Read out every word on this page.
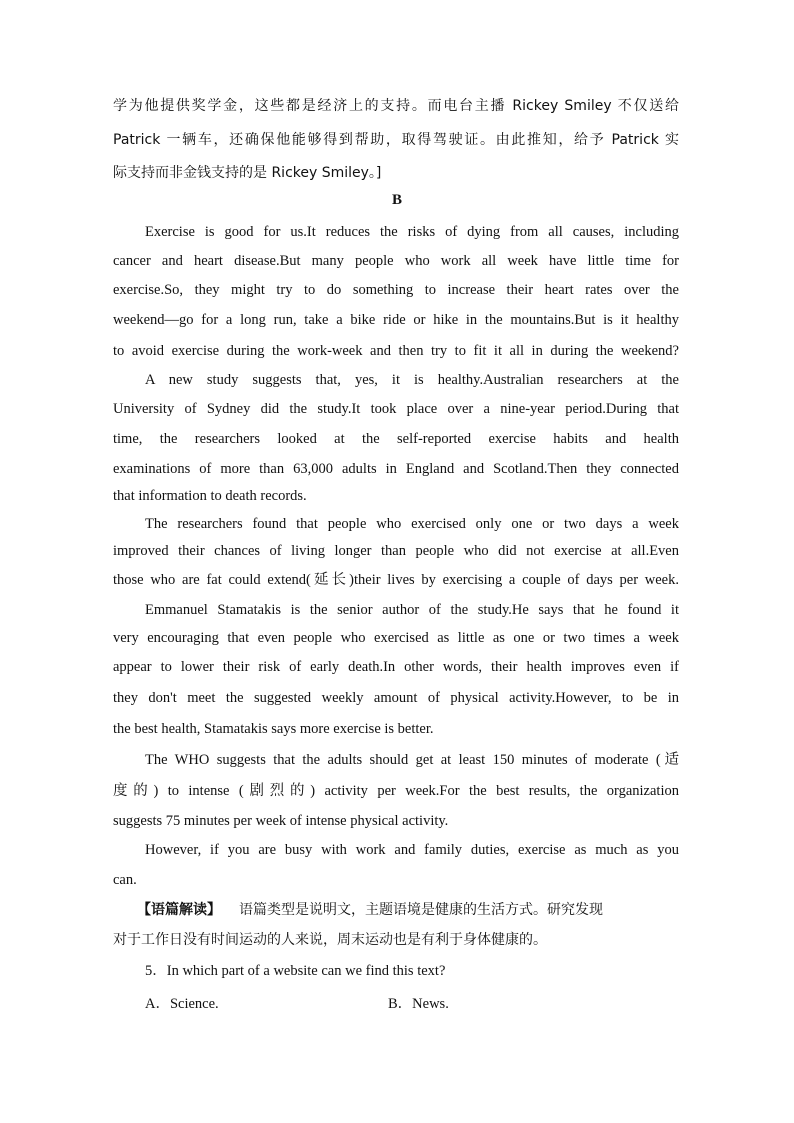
学为他提供奖学金，这些都是经济上的支持。而电台主播 Rickey Smiley 不仅送给
Patrick 一辆车，还确保他能够得到帮助，取得驾驶证。由此推知，给予 Patrick 实
际支持而非金钱支持的是 Rickey Smiley。]
B
Exercise is good for us.It reduces the risks of dying from all causes, including
cancer and heart disease.But many people who work all week have little time for
exercise.So, they might try to do something to increase their heart rates over the
weekend—go for a long run, take a bike ride or hike in the mountains.But is it healthy
to avoid exercise during the work-week and then try to fit it all in during the weekend?
A new study suggests that, yes, it is healthy.Australian researchers at the
University of Sydney did the study.It took place over a nine-year period.During that
time, the researchers looked at the self-reported exercise habits and health
examinations of more than 63,000 adults in England and Scotland.Then they connected
that information to death records.
The researchers found that people who exercised only one or two days a week
improved their chances of living longer than people who did not exercise at all.Even
those who are fat could extend(延长)their lives by exercising a couple of days per week.
Emmanuel Stamatakis is the senior author of the study.He says that he found it
very encouraging that even people who exercised as little as one or two times a week
appear to lower their risk of early death.In other words, their health improves even if
they don't meet the suggested weekly amount of physical activity.However, to be in
the best health, Stamatakis says more exercise is better.
The WHO suggests that the adults should get at least 150 minutes of moderate (适
度的) to intense (剧烈的) activity per week.For the best results, the organization
suggests 75 minutes per week of intense physical activity.
However, if you are busy with work and family duties, exercise as much as you
can.
【语篇解读】 语篇类型是说明文，主题语境是健康的生活方式。研究发现
对于工作日没有时间运动的人来说，周末运动也是有利于身体健康的。
5．In which part of a website can we find this text?
A．Science.	B．News.
